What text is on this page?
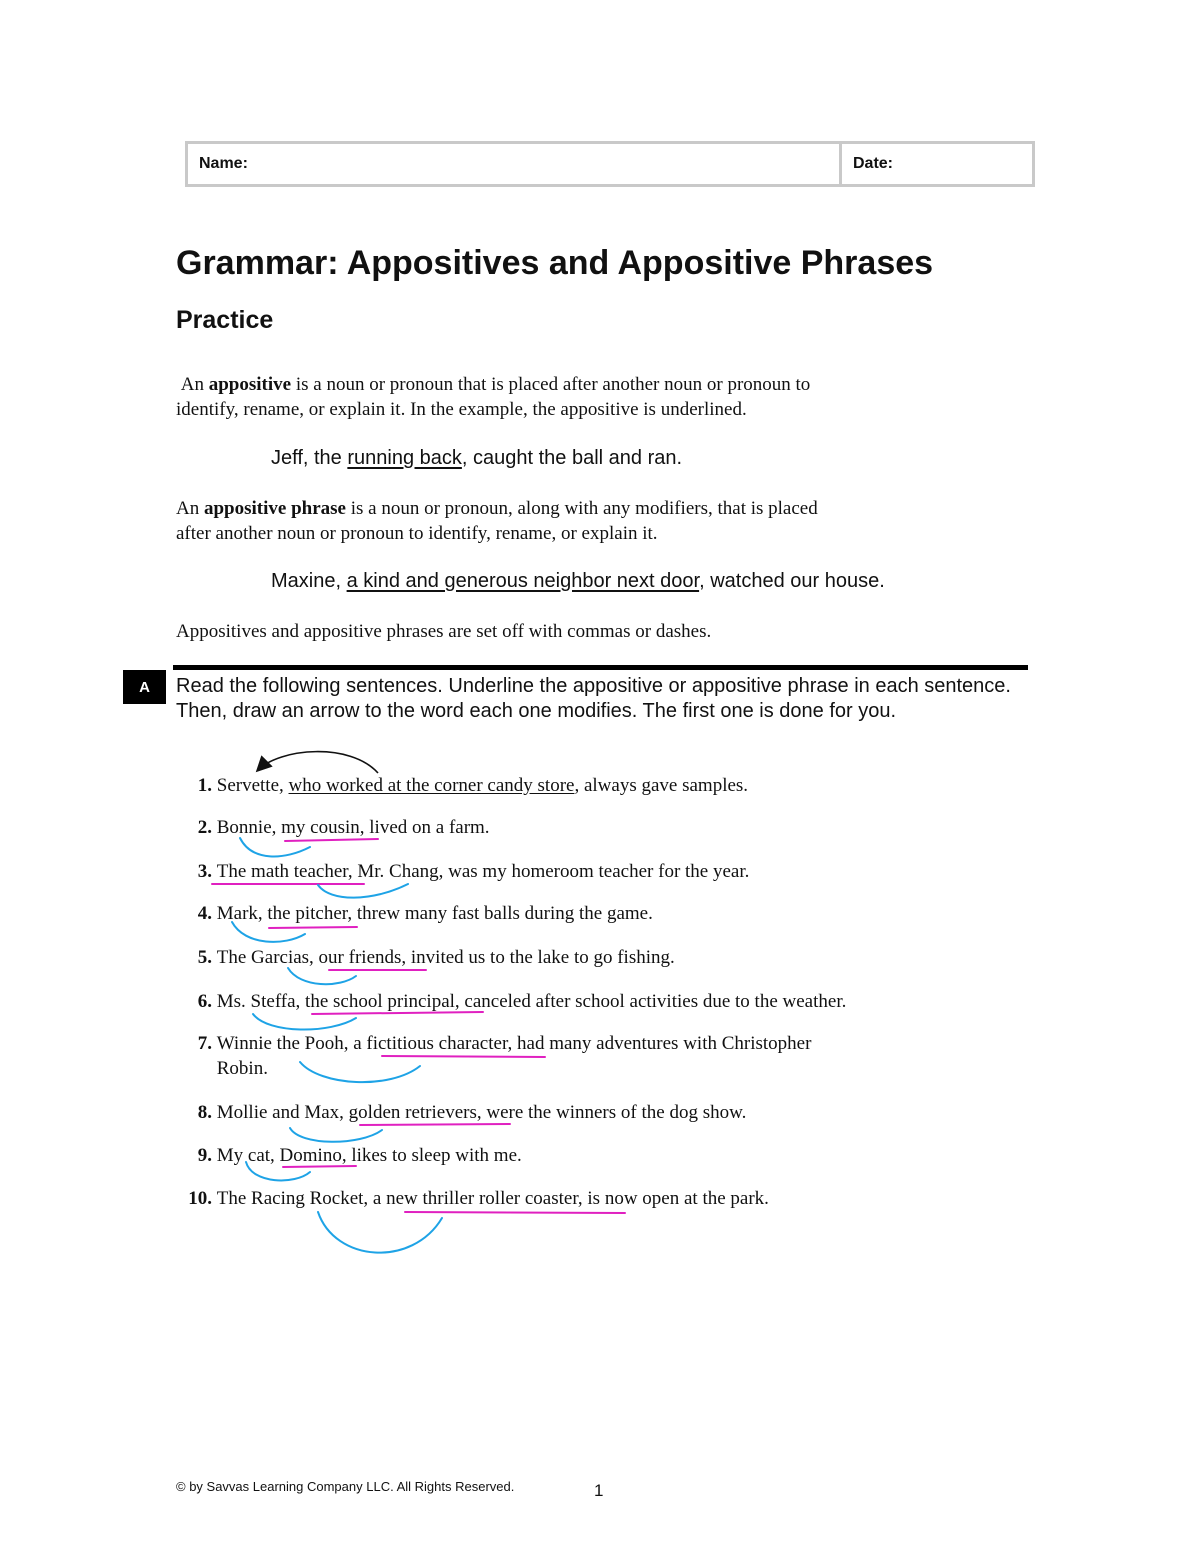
Name:	Date:
Grammar: Appositives and Appositive Phrases
Practice
An appositive is a noun or pronoun that is placed after another noun or pronoun to
identify, rename, or explain it. In the example, the appositive is underlined.
Jeff, the running back, caught the ball and ran.
An appositive phrase is a noun or pronoun, along with any modifiers, that is placed
after another noun or pronoun to identify, rename, or explain it.
Maxine, a kind and generous neighbor next door, watched our house.
Appositives and appositive phrases are set off with commas or dashes.
A	Read the following sentences. Underline the appositive or appositive phrase in each sentence. Then, draw an arrow to the word each one modifies. The first one is done for you.
1. Servette, who worked at the corner candy store, always gave samples.
2. Bonnie, my cousin, lived on a farm.
3. The math teacher, Mr. Chang, was my homeroom teacher for the year.
4. Mark, the pitcher, threw many fast balls during the game.
5. The Garcias, our friends, invited us to the lake to go fishing.
6. Ms. Steffa, the school principal, canceled after school activities due to the weather.
7. Winnie the Pooh, a fictitious character, had many adventures with Christopher
Robin.
8. Mollie and Max, golden retrievers, were the winners of the dog show.
9. My cat, Domino, likes to sleep with me.
10. The Racing Rocket, a new thriller roller coaster, is now open at the park.
© by Savvas Learning Company LLC. All Rights Reserved.	1
